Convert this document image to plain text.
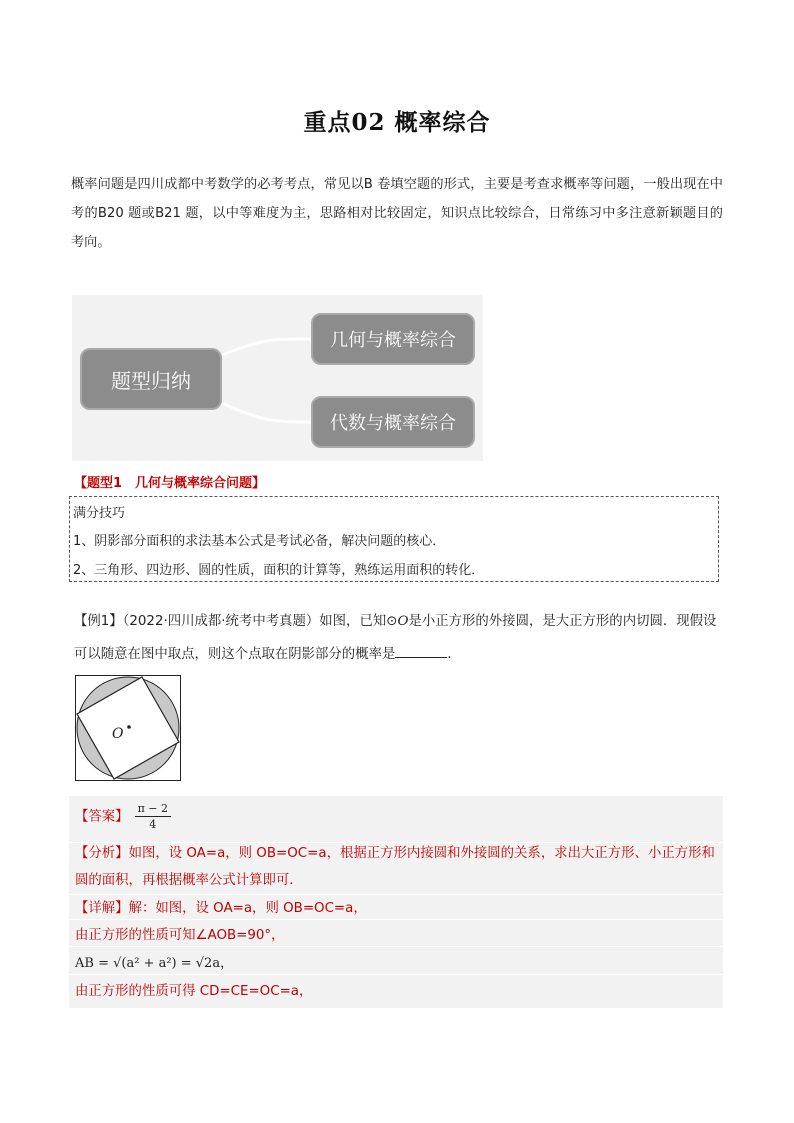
重点02 概率综合
概率问题是四川成都中考数学的必考考点，常见以B 卷填空题的形式，主要是考查求概率等问题，一般出现在中考的B20 题或B21 题，以中等难度为主，思路相对比较固定，知识点比较综合，日常练习中多注意新颖题目的考向。
题型归纳
几何与概率综合
代数与概率综合
【题型1　几何与概率综合问题】
满分技巧
1、阴影部分面积的求法基本公式是考试必备，解决问题的核心．
2、三角形、四边形、圆的性质，面积的计算等，熟练运用面积的转化．
【例1】（2022·四川成都·统考中考真题）如图，已知⊙O是小正方形的外接圆，是大正方形的内切圆．现假设可以随意在图中取点，则这个点取在阴影部分的概率是	．
O
【答案】 $\frac{\pi - 2}{4}$
【分析】如图，设 OA=a，则 OB=OC=a，根据正方形内接圆和外接圆的关系，求出大正方形、小正方形和
圆的面积，再根据概率公式计算即可．
【详解】解：如图，设 OA=a，则 OB=OC=a，
由正方形的性质可知∠AOB=90°，
AB = √(a² + a²) = √2a，
由正方形的性质可得 CD=CE=OC=a，
